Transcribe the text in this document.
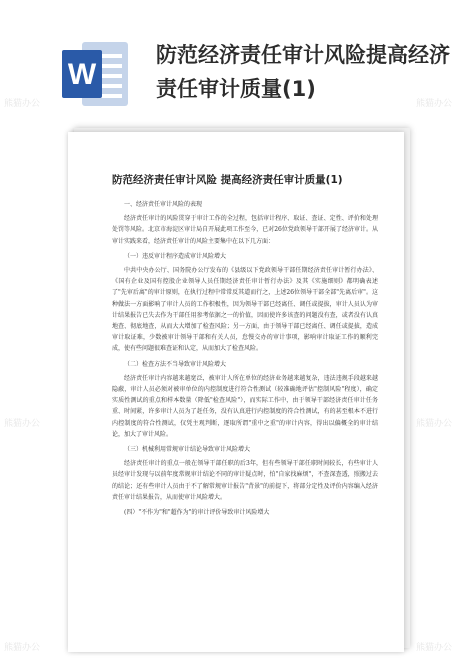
W
防范经济责任审计风险提高经济责任审计质量(1)
防范经济责任审计风险 提高经济责任审计质量(1)

一、经济责任审计风险的表现

经济责任审计的风险贯穿于审计工作的全过程，包括审计程序、取证、查证、定性、评价和处理处罚等风险。北京市海淀区审计局自开展此项工作至今，已对26位党政领导干部开展了经济审计。从审计实践来看，经济责任审计的风险主要集中在以下几方面：

（一）违反审计程序造成审计风险增大

中共中央办公厅、国务院办公厅发布的《县级以下党政领导干部任期经济责任审计暂行办法》、《国有企业及国有控股企业领导人员任期经济责任审计暂行办法》及其《实施细则》都明确表述了"先审后离"的审计原则，在执行过程中常常反其道而行之，上述26位领导干部全部"先离后审"。这种做法一方面影响了审计人员的工作积极性，因为领导干部已经离任、调任或提拔，审计人员认为审计结果报告已失去作为干部任用参考依据之一的价值，因而使许多该查的问题没有查，或者没有认真地查、彻底地查，从而大大增加了检查风险；另一方面，由于领导干部已经离任、调任或提拔，造成审计取证难，少数被审计领导干部和有关人员，怠慢交办的审计事项，影响审计取证工作的顺利完成，使有些问题很难查证和认定，从而加大了检查风险。

（二）检查方法不当导致审计风险增大

经济责任审计内容越来越宽泛，被审计人所在单位的经济业务越来越复杂，违法违规手段越来越隐蔽，审计人员必须对被审单位的内控制度进行符合性测试（较准确地评估"控制风险"程度），确定实质性测试的重点和样本数量（降低"检查风险"），而实际工作中，由于领导干部经济责任审计任务重、时间紧，许多审计人员为了赶任务，没有认真进行内控制度的符合性测试，有的甚至根本不进行内控制度的符合性测试，仅凭主观判断，逐取所谓"重中之重"的审计内容，得出以偏概全的审计结论，加大了审计风险。

（三）机械利用常规审计结论导致审计风险增大

经济责任审计的重点一般在领导干部任职的后3年，但有些领导干部任职时间较长，有些审计人员经审计发现与以前年度常规审计结论不同的审计疑点时，怕"自家找麻烦"，不查深查透，照搬过去的结论；还有些审计人员由于不了解常规审计报告"背景"的前提下，将部分定性及评价内容编入经济责任审计结果报告，从而使审计风险增大。

(四）"不作为"和"超作为"的审计评价导致审计风险增大

熊猫办公	熊猫办公
熊猫办公	熊猫办公
熊猫办公	熊猫办公
